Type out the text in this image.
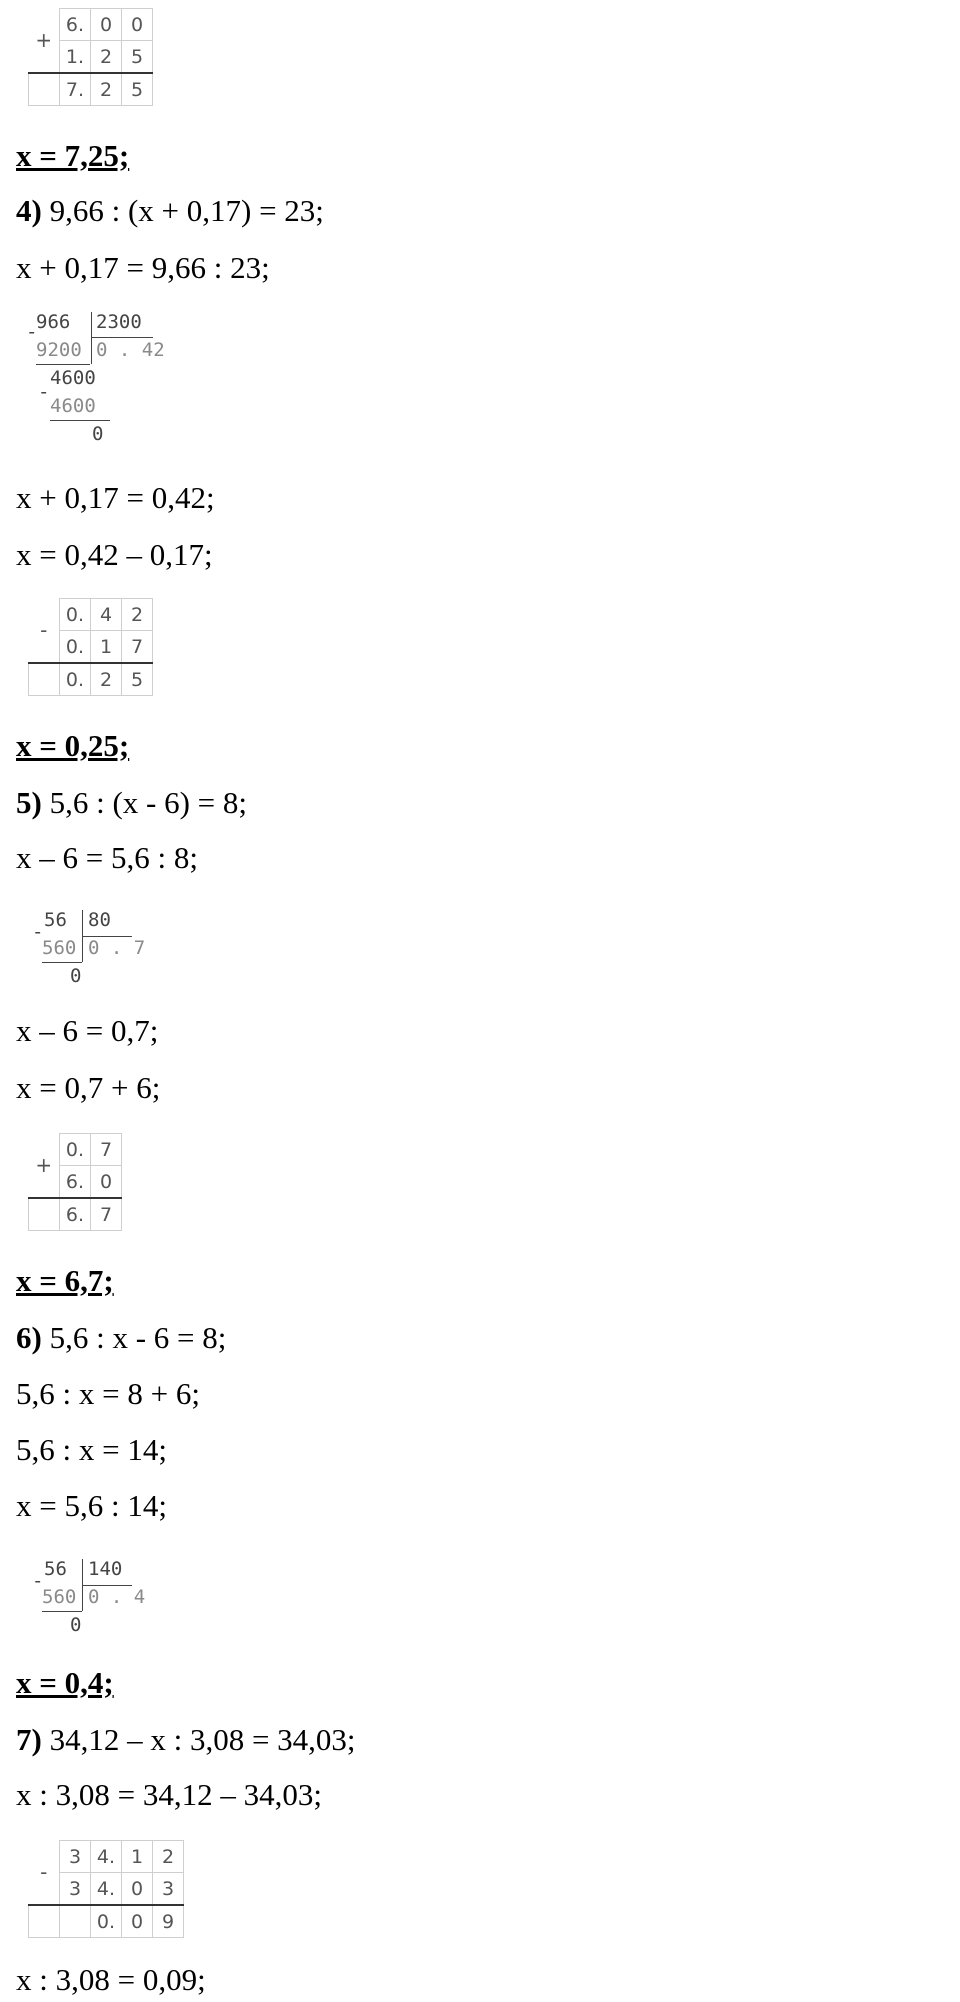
+	6.	0	0
	1.	2	5
	7.	2	5
x = 7,25;
4) 9,66 : (x + 0,17) = 23;
x + 0,17 = 9,66 : 23;
-
966 2300
9200 0 . 42
4600
-
4600
0
x + 0,17 = 0,42;
x = 0,42 – 0,17;
-	0.	4	2
	0.	1	7
	0.	2	5
x = 0,25;
5) 5,6 : (x - 6) = 8;
x – 6 = 5,6 : 8;
-
56 80
560 0 . 7
0
x – 6 = 0,7;
x = 0,7 + 6;
+	0.	7
	6.	0
	6.	7
x = 6,7;
6) 5,6 : x - 6 = 8;
5,6 : x = 8 + 6;
5,6 : x = 14;
x = 5,6 : 14;
-
56 140
560 0 . 4
0
x = 0,4;
7) 34,12 – x : 3,08 = 34,03;
x : 3,08 = 34,12 – 34,03;
-	3	4.	1	2
	3	4.	0	3
		0.	0	9
x : 3,08 = 0,09;
